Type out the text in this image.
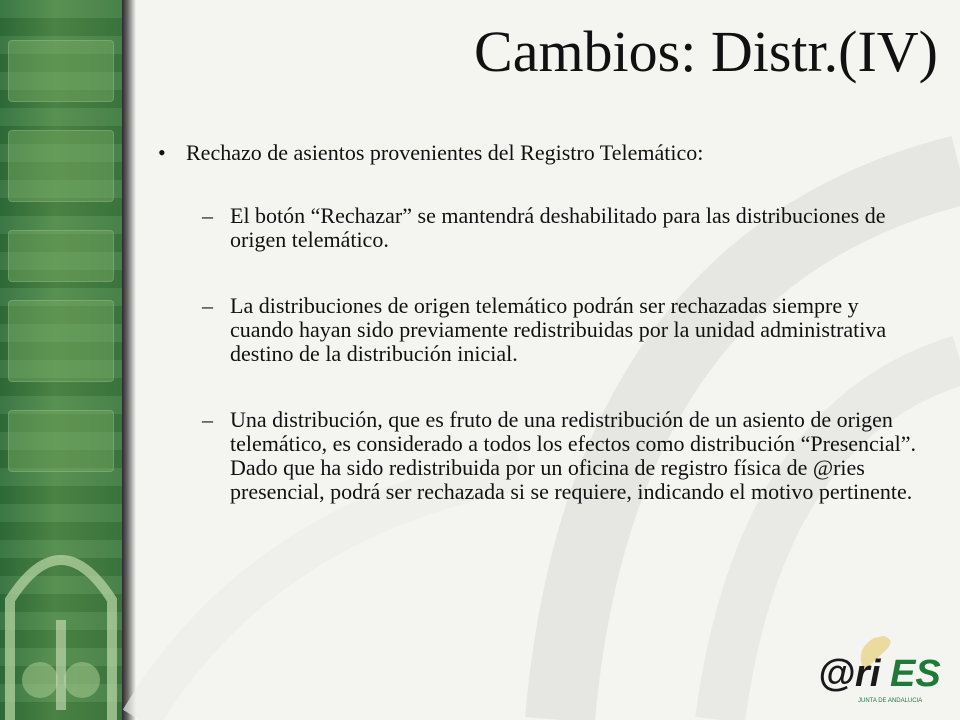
Cambios: Distr.(IV)
• Rechazo de asientos provenientes del Registro Telemático:
– El botón “Rechazar” se mantendrá deshabilitado para las distribuciones de origen telemático.
– La distribuciones de origen telemático podrán ser rechazadas siempre y cuando hayan sido previamente redistribuidas por la unidad administrativa destino de la distribución inicial.
– Una distribución, que es fruto de una redistribución de un asiento de origen telemático, es considerado a todos los efectos como distribución “Presencial”. Dado que ha sido redistribuida por un oficina de registro física de @ries presencial, podrá ser rechazada si se requiere, indicando el motivo pertinente.
@ri ES
JUNTA DE ANDALUCIA
